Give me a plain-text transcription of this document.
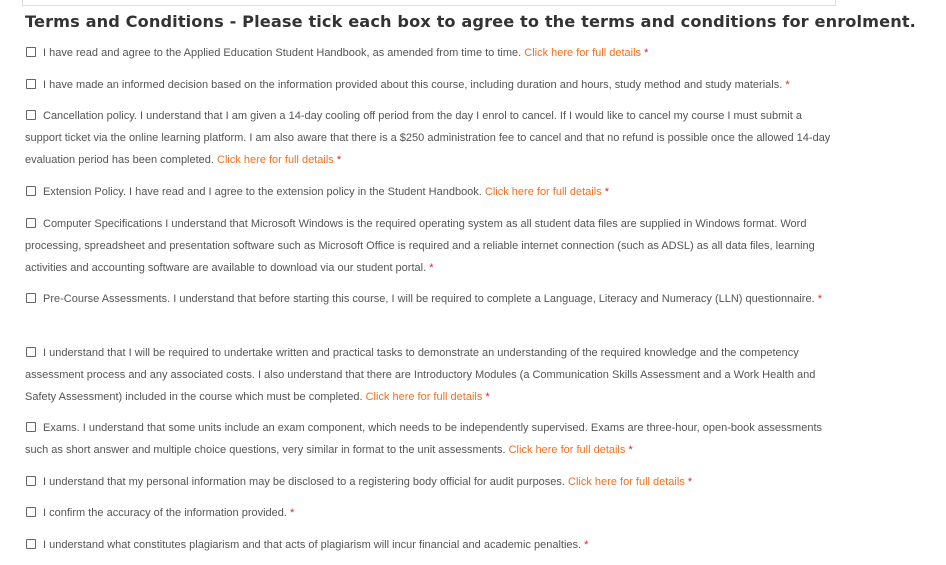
Terms and Conditions - Please tick each box to agree to the terms and conditions for enrolment.
I have read and agree to the Applied Education Student Handbook, as amended from time to time. Click here for full details *
I have made an informed decision based on the information provided about this course, including duration and hours, study method and study materials. *
Cancellation policy. I understand that I am given a 14-day cooling off period from the day I enrol to cancel. If I would like to cancel my course I must submit a support ticket via the online learning platform. I am also aware that there is a $250 administration fee to cancel and that no refund is possible once the allowed 14-day evaluation period has been completed. Click here for full details *
Extension Policy. I have read and I agree to the extension policy in the Student Handbook. Click here for full details *
Computer Specifications I understand that Microsoft Windows is the required operating system as all student data files are supplied in Windows format. Word processing, spreadsheet and presentation software such as Microsoft Office is required and a reliable internet connection (such as ADSL) as all data files, learning activities and accounting software are available to download via our student portal. *
Pre-Course Assessments. I understand that before starting this course, I will be required to complete a Language, Literacy and Numeracy (LLN) questionnaire. *
I understand that I will be required to undertake written and practical tasks to demonstrate an understanding of the required knowledge and the competency assessment process and any associated costs. I also understand that there are Introductory Modules (a Communication Skills Assessment and a Work Health and Safety Assessment) included in the course which must be completed. Click here for full details *
Exams. I understand that some units include an exam component, which needs to be independently supervised. Exams are three-hour, open-book assessments such as short answer and multiple choice questions, very similar in format to the unit assessments. Click here for full details *
I understand that my personal information may be disclosed to a registering body official for audit purposes. Click here for full details *
I confirm the accuracy of the information provided. *
I understand what constitutes plagiarism and that acts of plagiarism will incur financial and academic penalties. *
